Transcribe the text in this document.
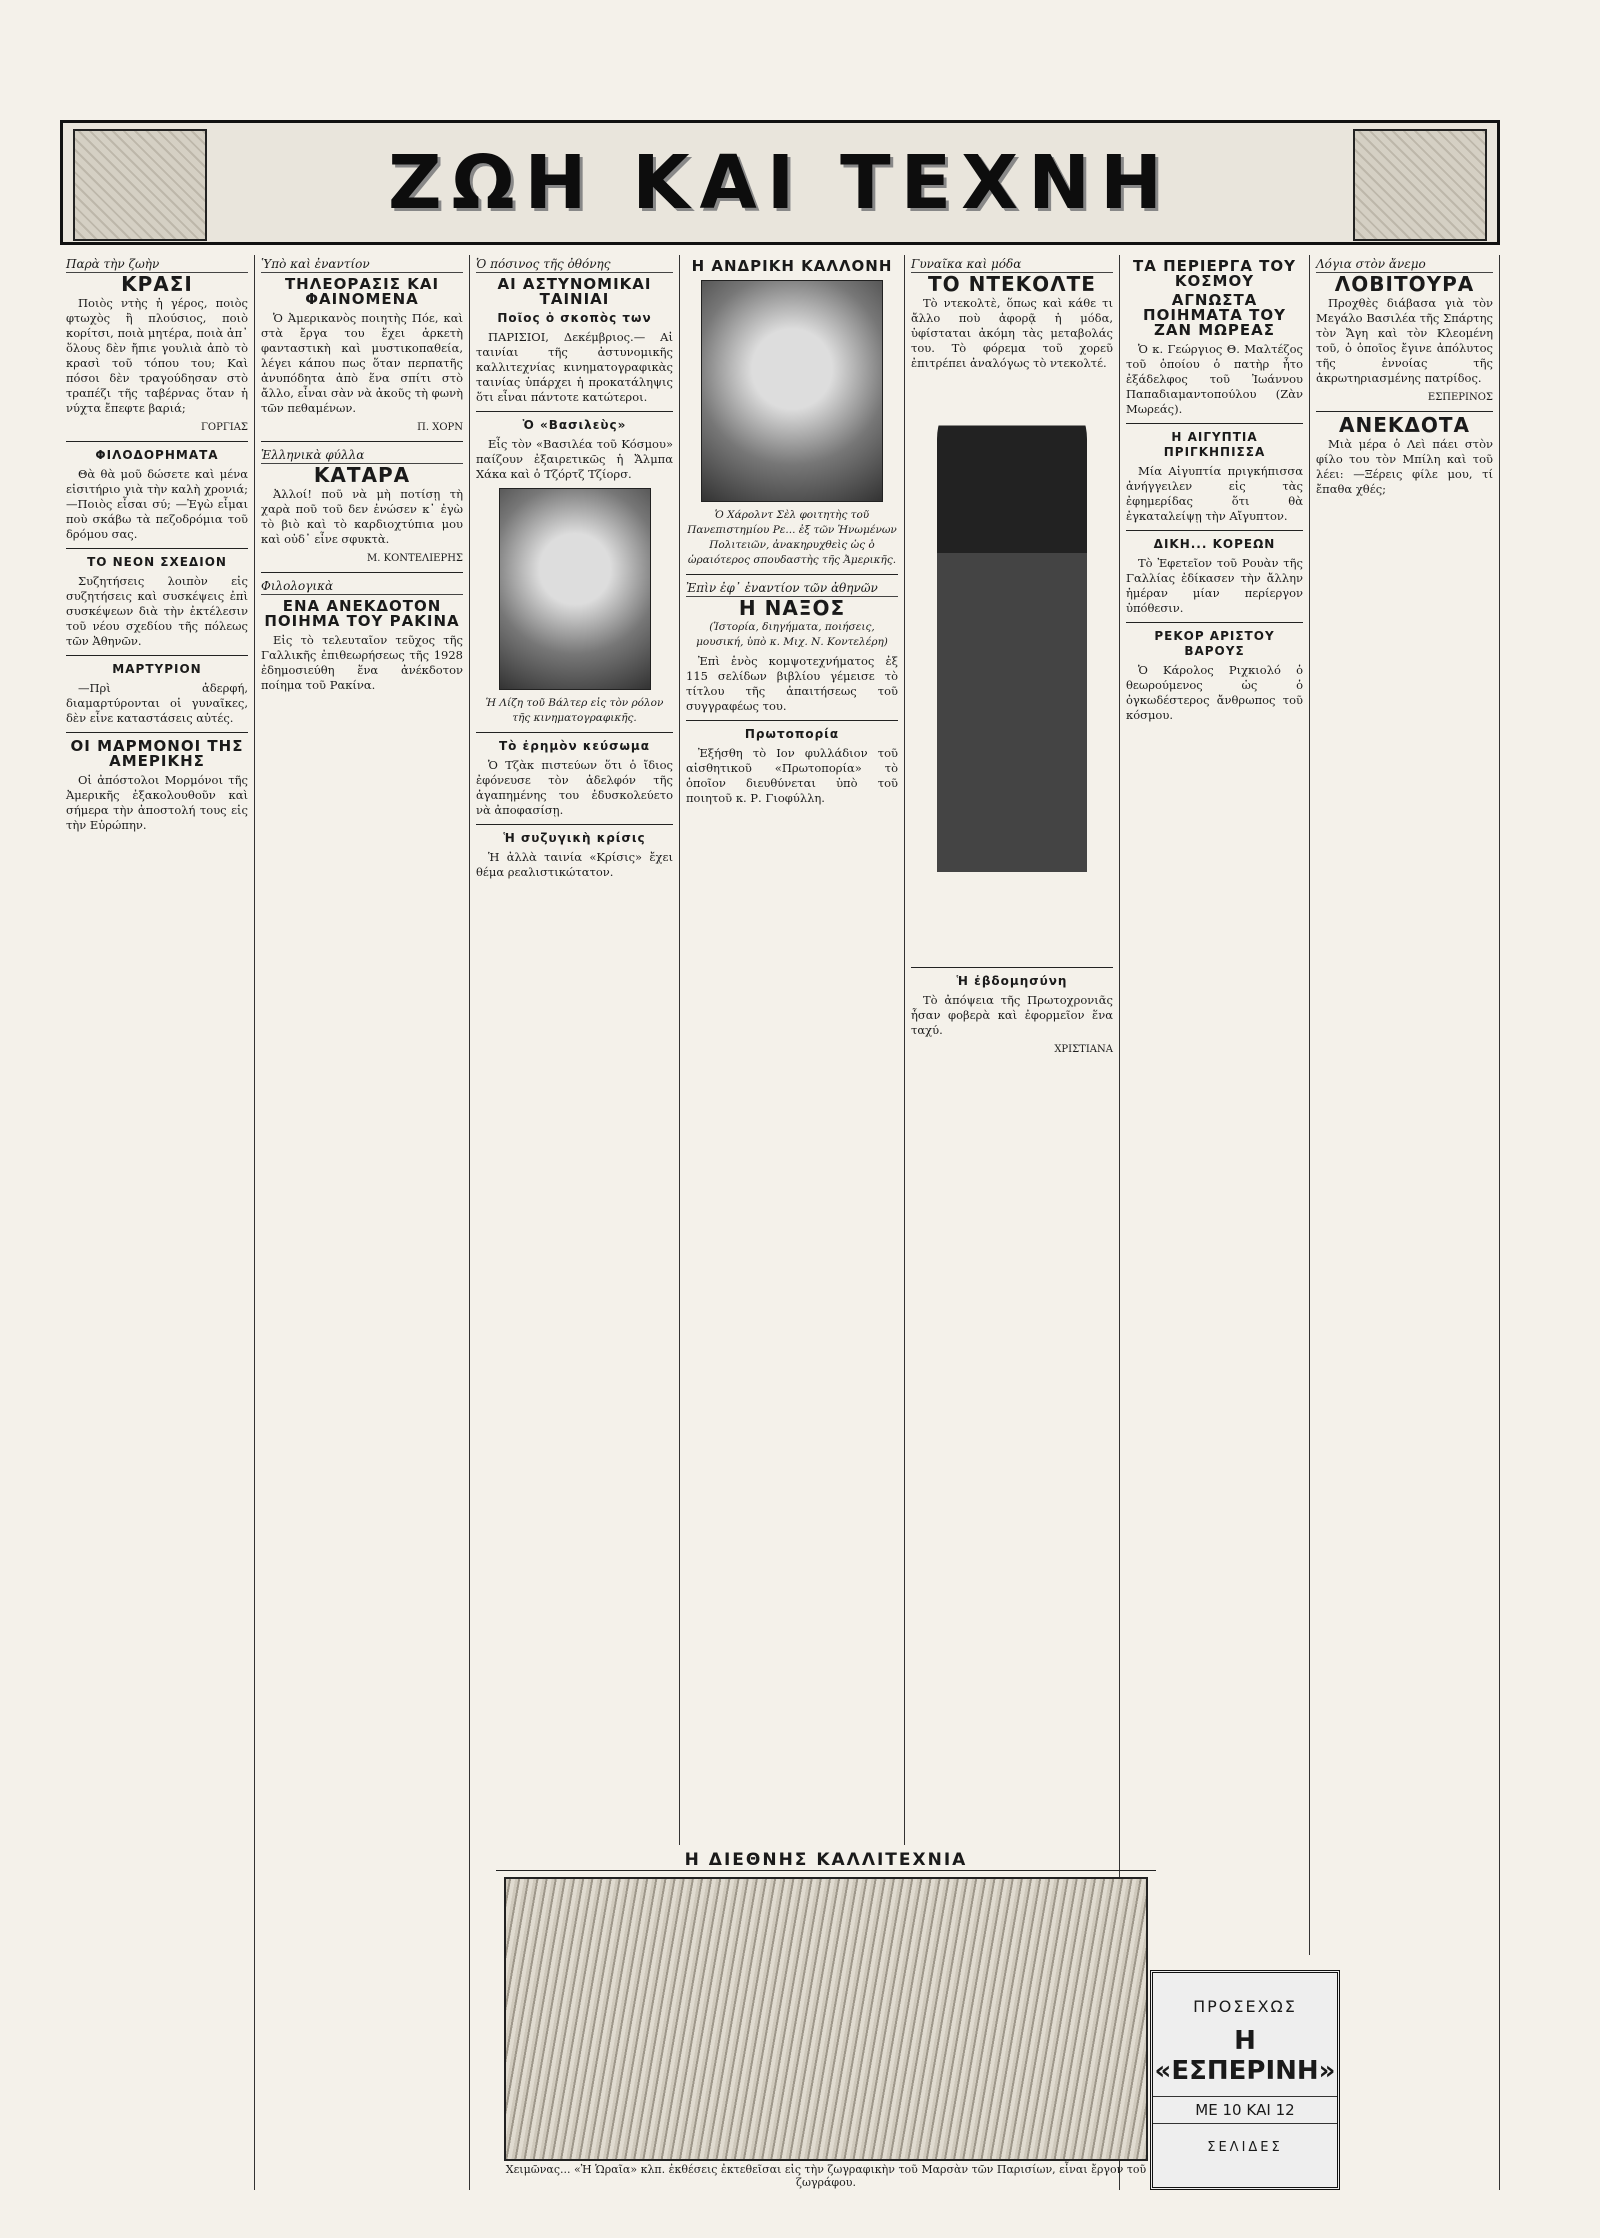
ΖΩΗ ΚΑΙ ΤΕΧΝΗ
Παρὰ τὴν ζωὴν
ΚΡΑΣΙ

Ποιὸς ντὴς ἡ γέρος, ποιὸς φτωχὸς ἢ πλούσιος, ποιὸ κορίτσι, ποιὰ μητέρα, ποιὰ ἀπ᾽ ὅλους δὲν ἤπιε γουλιὰ ἀπὸ τὸ κρασὶ τοῦ τόπου του; Καὶ πόσοι δὲν τραγούδησαν στὸ τραπέζι τῆς ταβέρνας ὅταν ἡ νύχτα ἔπεφτε βαριά;

ΓΟΡΓΙΑΣ
ΦΙΛΟΔΟΡΗΜΑΤΑ

Θὰ θὰ μοῦ δώσετε καὶ μένα εἰσιτήριο γιὰ τὴν καλὴ χρονιά; —Ποιὸς εἶσαι σύ; —Ἐγὼ εἶμαι ποὺ σκάβω τὰ πεζοδρόμια τοῦ δρόμου σας.

ΤΟ ΝΕΟΝ ΣΧΕΔΙΟΝ

Συζητήσεις λοιπὸν εἰς συζητήσεις καὶ συσκέψεις ἐπὶ συσκέψεων διὰ τὴν ἐκτέλεσιν τοῦ νέου σχεδίου τῆς πόλεως τῶν Ἀθηνῶν.

ΜΑΡΤΥΡΙΟΝ

—Πρὶ ἀδερφή, διαμαρτύρονται οἱ γυναῖκες, δὲν εἶνε καταστάσεις αὐτές.

ΟΙ ΜΑΡΜΟΝΟΙ ΤΗΣ ΑΜΕΡΙΚΗΣ

Οἱ ἀπόστολοι Μορμόνοι τῆς Ἀμερικῆς ἐξακολουθοῦν καὶ σήμερα τὴν ἀποστολή τους εἰς τὴν Εὐρώπην.

Ὑπὸ καὶ ἐναντίον
ΤΗΛΕΟΡΑΣΙΣ ΚΑΙ ΦΑΙΝΟΜΕΝΑ

Ὁ Ἀμερικανὸς ποιητὴς Πόε, καὶ στὰ ἔργα του ἔχει ἀρκετὴ φανταστικὴ καὶ μυστικοπαθεία, λέγει κάπου πως ὅταν περπατῆς ἀνυπόδητα ἀπὸ ἕνα σπίτι στὸ ἄλλο, εἶναι σὰν νὰ ἀκοῦς τὴ φωνὴ τῶν πεθαμένων.

Π. ΧΟΡΝ
Ἑλληνικὰ φύλλα
ΚΑΤΑΡΑ

Ἀλλοί! ποῦ νὰ μὴ ποτίσῃ τὴ χαρὰ ποῦ τοῦ δεν ἐνώσεν κ᾽ ἐγὼ τὸ βιὸ καὶ τὸ καρδιοχτύπια μου καὶ οὐδ᾽ εἶνε σφυκτὰ.

Μ. ΚΟΝΤΕΛΙΕΡΗΣ
Φιλολογικὰ
ΕΝΑ ΑΝΕΚΔΟΤΟΝ ΠΟΙΗΜΑ ΤΟΥ ΡΑΚΙΝΑ

Εἰς τὸ τελευταῖον τεῦχος τῆς Γαλλικῆς ἐπιθεωρήσεως τῆς 1928 ἐδημοσιεύθη ἕνα ἀνέκδοτον ποίημα τοῦ Ρακίνα.

Ὁ πόσινος τῆς ὀθόνης
ΑΙ ΑΣΤΥΝΟΜΙΚΑΙ ΤΑΙΝΙΑΙ
Ποῖος ὁ σκοπὸς των

ΠΑΡΙΣΙΟΙ, Δεκέμβριος.— Αἱ ταινίαι τῆς ἀστυνομικῆς καλλιτεχνίας κινηματογραφικὰς ταινίας ὑπάρχει ἡ προκατάληψις ὅτι εἶναι πάντοτε κατώτεροι.

Ὁ «Βασιλεὺς»

Εἶς τὸν «Βασιλέα τοῦ Κόσμου» παίζουν ἐξαιρετικῶς ἡ Ἄλμπα Χάκα καὶ ὁ Τζόρτζ Τζίορσ.

Ἡ Λίζη τοῦ Βάλτερ εἰς τὸν ρόλον τῆς κινηματογραφικῆς.
Τὸ ἐρημὸν κεύσωμα

Ὁ Τζὰκ πιστεύων ὅτι ὁ ἴδιος ἐφόνευσε τὸν ἀδελφόν τῆς ἀγαπημένης του ἐδυσκολεύετο νὰ ἀποφασίσῃ.

Ἡ συζυγικὴ κρίσις

Ἡ ἀλλὰ ταινία «Κρίσις» ἔχει θέμα ρεαλιστικώτατον.

Η ΑΝΔΡΙΚΗ ΚΑΛΛΟΝΗ
Ὁ Χάρολντ Σὲλ φοιτητὴς τοῦ Πανεπιστημίου Ρε... ἐξ τῶν Ἡνωμένων Πολιτειῶν, ἀνακηρυχθεὶς ὡς ὁ ὡραιότερος σπουδαστὴς τῆς Ἀμερικῆς.
Ἐπὶν ἐφ᾽ ἐναντίον τῶν ἀθηνῶν
Η ΝΑΞΟΣ
(Ἱστορία, διηγήματα, ποιήσεις, μουσική, ὑπὸ κ. Μιχ. Ν. Κοντελέρη)

Ἐπὶ ἑνὸς κομψοτεχνήματος ἐξ 115 σελίδων βιβλίου γέμεισε τὸ τίτλου τῆς ἀπαιτήσεως τοῦ συγγραφέως του.

Πρωτοπορία

Ἐξήσθη τὸ Ιον φυλλάδιον τοῦ αἰσθητικοῦ «Πρωτοπορία» τὸ ὁποῖον διευθύνεται ὑπὸ τοῦ ποιητοῦ κ. Ρ. Γιοφύλλη.

Γυναῖκα καὶ μόδα
ΤΟ ΝΤΕΚΟΛΤΕ

Τὸ ντεκολτὲ, ὅπως καὶ κάθε τι ἄλλο ποὺ ἀφορᾷ ἡ μόδα, ὑφίσταται ἀκόμη τὰς μεταβολάς του. Τὸ φόρεμα τοῦ χορεῦ ἐπιτρέπει ἀναλόγως τὸ ντεκολτέ.

Ἡ ἐβδομησύνη

Τὸ ἀπόψεια τῆς Πρωτοχρονιᾶς ἦσαν φοβερὰ καὶ ἐφορμεῖον ἕνα ταχύ.

ΧΡΙΣΤΙΑΝΑ
ΤΑ ΠΕΡΙΕΡΓΑ ΤΟΥ ΚΟΣΜΟΥ
ΑΓΝΩΣΤΑ ΠΟΙΗΜΑΤΑ ΤΟΥ ΖΑΝ ΜΩΡΕΑΣ

Ὁ κ. Γεώργιος Θ. Μαλτέζος τοῦ ὁποίου ὁ πατὴρ ἦτο ἐξάδελφος τοῦ Ἰωάννου Παπαδιαμαντοπούλου (Ζὰν Μωρεάς).

Η ΑΙΓΥΠΤΙΑ ΠΡΙΓΚΗΠΙΣΣΑ

Μία Αἰγυπτία πριγκήπισσα ἀνήγγειλεν εἰς τὰς ἐφημερίδας ὅτι θὰ ἐγκαταλείψῃ τὴν Αἴγυπτον.

ΔΙΚΗ... ΚΟΡΕΩΝ

Τὸ Ἐφετεῖον τοῦ Ρουὰν τῆς Γαλλίας ἐδίκασεν τὴν ἄλλην ἡμέραν μίαν περίεργον ὑπόθεσιν.

ΡΕΚΟΡ ΑΡΙΣΤΟΥ ΒΑΡΟΥΣ

Ὁ Κάρολος Ριχκιολό ὁ θεωρούμενος ὡς ὁ ὀγκωδέστερος ἄνθρωπος τοῦ κόσμου.

Λόγια στὸν ἄνεμο
ΛΟΒΙΤΟΥΡΑ

Προχθὲς διάβασα γιὰ τὸν Μεγάλο Βασιλέα τῆς Σπάρτης τὸν Ἄγη καὶ τὸν Κλεομένη τοῦ, ὁ ὁποῖος ἔγινε ἀπόλυτος τῆς ἐννοίας τῆς ἀκρωτηριασμένης πατρίδος.

ΕΣΠΕΡΙΝΟΣ
ΑΝΕΚΔΟΤΑ

Μιὰ μέρα ὁ Λεὶ πάει στὸν φίλο του τὸν Μπίλη καὶ τοῦ λέει: —Ξέρεις φίλε μου, τί ἔπαθα χθές;

Η ΔΙΕΘΝΗΣ ΚΑΛΛΙΤΕΧΝΙΑ
Χειμῶνας... «Ἡ Ὡραῖα» κλπ. ἐκθέσεις ἐκτεθεῖσαι εἰς τὴν ζωγραφικὴν τοῦ Μαρσὰν τῶν Παρισίων, εἶναι ἔργον τοῦ ζωγράφου.
ΠΡΟΣΕΧΩΣ
Η «ΕΣΠΕΡΙΝΗ»
ΜΕ 10 ΚΑΙ 12
ΣΕΛΙΔΕΣ
